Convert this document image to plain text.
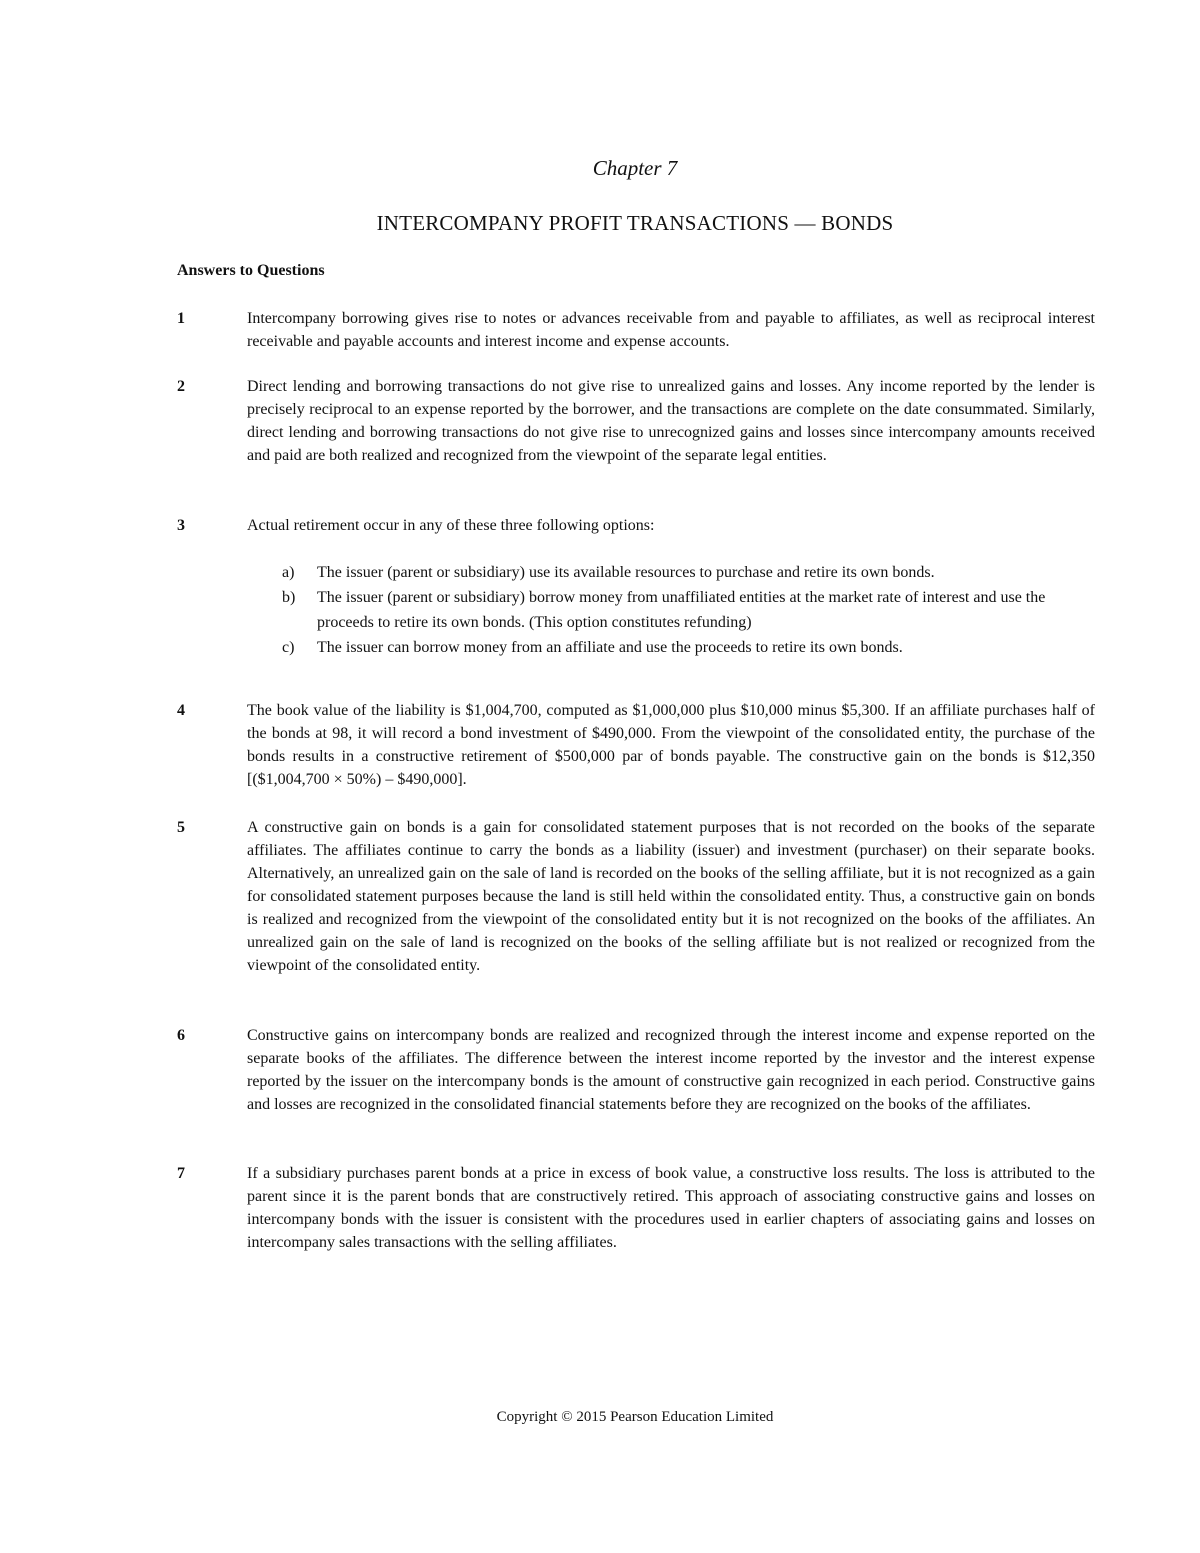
Chapter 7
INTERCOMPANY PROFIT TRANSACTIONS — BONDS
Answers to Questions
1	Intercompany borrowing gives rise to notes or advances receivable from and payable to affiliates, as well as reciprocal interest receivable and payable accounts and interest income and expense accounts.
2	Direct lending and borrowing transactions do not give rise to unrealized gains and losses. Any income reported by the lender is precisely reciprocal to an expense reported by the borrower, and the transactions are complete on the date consummated. Similarly, direct lending and borrowing transactions do not give rise to unrecognized gains and losses since intercompany amounts received and paid are both realized and recognized from the viewpoint of the separate legal entities.
3	Actual retirement occur in any of these three following options:
a) The issuer (parent or subsidiary) use its available resources to purchase and retire its own bonds.
b) The issuer (parent or subsidiary) borrow money from unaffiliated entities at the market rate of interest and use the proceeds to retire its own bonds. (This option constitutes refunding)
c) The issuer can borrow money from an affiliate and use the proceeds to retire its own bonds.
4	The book value of the liability is $1,004,700, computed as $1,000,000 plus $10,000 minus $5,300. If an affiliate purchases half of the bonds at 98, it will record a bond investment of $490,000. From the viewpoint of the consolidated entity, the purchase of the bonds results in a constructive retirement of $500,000 par of bonds payable. The constructive gain on the bonds is $12,350 [($1,004,700 × 50%) – $490,000].
5	A constructive gain on bonds is a gain for consolidated statement purposes that is not recorded on the books of the separate affiliates. The affiliates continue to carry the bonds as a liability (issuer) and investment (purchaser) on their separate books. Alternatively, an unrealized gain on the sale of land is recorded on the books of the selling affiliate, but it is not recognized as a gain for consolidated statement purposes because the land is still held within the consolidated entity. Thus, a constructive gain on bonds is realized and recognized from the viewpoint of the consolidated entity but it is not recognized on the books of the affiliates. An unrealized gain on the sale of land is recognized on the books of the selling affiliate but is not realized or recognized from the viewpoint of the consolidated entity.
6	Constructive gains on intercompany bonds are realized and recognized through the interest income and expense reported on the separate books of the affiliates. The difference between the interest income reported by the investor and the interest expense reported by the issuer on the intercompany bonds is the amount of constructive gain recognized in each period. Constructive gains and losses are recognized in the consolidated financial statements before they are recognized on the books of the affiliates.
7	If a subsidiary purchases parent bonds at a price in excess of book value, a constructive loss results. The loss is attributed to the parent since it is the parent bonds that are constructively retired. This approach of associating constructive gains and losses on intercompany bonds with the issuer is consistent with the procedures used in earlier chapters of associating gains and losses on intercompany sales transactions with the selling affiliates.
Copyright © 2015 Pearson Education Limited
